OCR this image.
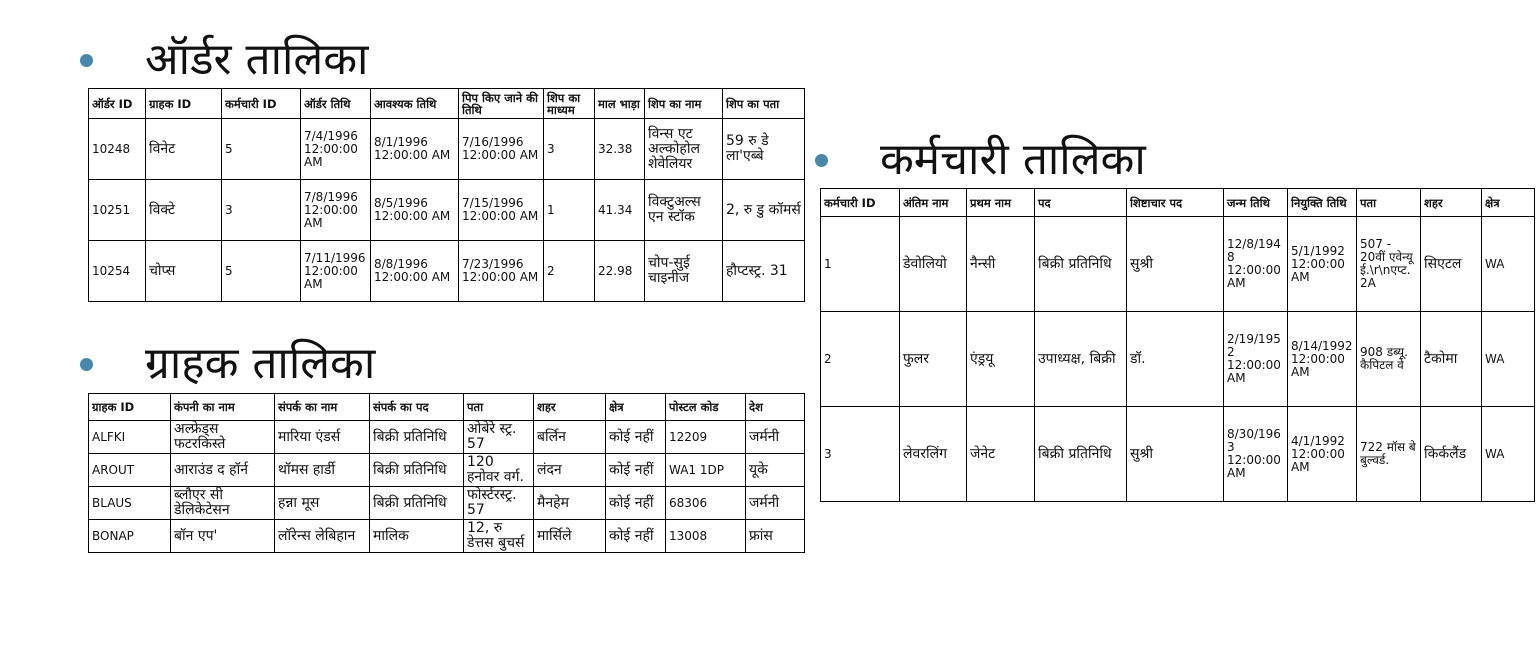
ऑर्डर तालिका
ऑर्डर ID	ग्राहक ID	कर्मचारी ID	ऑर्डर तिथि	आवश्यक तिथि	पिप किए जाने की तिथि	शिप का माध्यम	माल भाड़ा	शिप का नाम	शिप का पता
10248	विनेट	5	7/4/1996 12:00:00 AM	8/1/1996 12:00:00 AM	7/16/1996 12:00:00 AM	3	32.38	विन्स एट अल्कोहोल शेवेलियर	59 रु डे ला'एब्बे
10251	विक्टे	3	7/8/1996 12:00:00 AM	8/5/1996 12:00:00 AM	7/15/1996 12:00:00 AM	1	41.34	विक्टुअल्स एन स्टॉक	2, रु डु कॉमर्स
10254	चोप्स	5	7/11/1996 12:00:00 AM	8/8/1996 12:00:00 AM	7/23/1996 12:00:00 AM	2	22.98	चोप-सुई चाइनीज	हौप्टस्ट्र. 31
ग्राहक तालिका
ग्राहक ID	कंपनी का नाम	संपर्क का नाम	संपर्क का पद	पता	शहर	क्षेत्र	पोस्टल कोड	देश
ALFKI	अल्फ्रेड्स फटरकिस्ते	मारिया एंडर्स	बिक्री प्रतिनिधि	ओबेरे स्ट्र. 57	बर्लिन	कोई नहीं	12209	जर्मनी
AROUT	आराउंड द हॉर्न	थॉमस हार्डी	बिक्री प्रतिनिधि	120 हनोवर वर्ग.	लंदन	कोई नहीं	WA1 1DP	यूके
BLAUS	ब्लौएर सी डेलिकेटेसन	हन्ना मूस	बिक्री प्रतिनिधि	फोर्स्टरस्ट्र. 57	मैनहेम	कोई नहीं	68306	जर्मनी
BONAP	बॉन एप'	लॉरेन्स लेबिहान	मालिक	12, रु डेत्तस बुचर्स	मार्सिले	कोई नहीं	13008	फ्रांस
कर्मचारी तालिका
कर्मचारी ID	अंतिम नाम	प्रथम नाम	पद	शिष्टाचार पद	जन्म तिथि	नियुक्ति तिथि	पता	शहर	क्षेत्र
1	डेवोलियो	नैन्सी	बिक्री प्रतिनिधि	सुश्री	12/8/1948 12:00:00 AM	5/1/1992 12:00:00 AM	507 - 20वीं एवेन्यू ई.\r\nएप्ट. 2A	सिएटल	WA
2	फुलर	एंड्रयू	उपाध्यक्ष, बिक्री	डॉ.	2/19/1952 12:00:00 AM	8/14/1992 12:00:00 AM	908 डब्यू. कैपिटल वे	टैकोमा	WA
3	लेवरलिंग	जेनेट	बिक्री प्रतिनिधि	सुश्री	8/30/1963 12:00:00 AM	4/1/1992 12:00:00 AM	722 मॉस बे बुल्वर्ड.	किर्कलैंड	WA
